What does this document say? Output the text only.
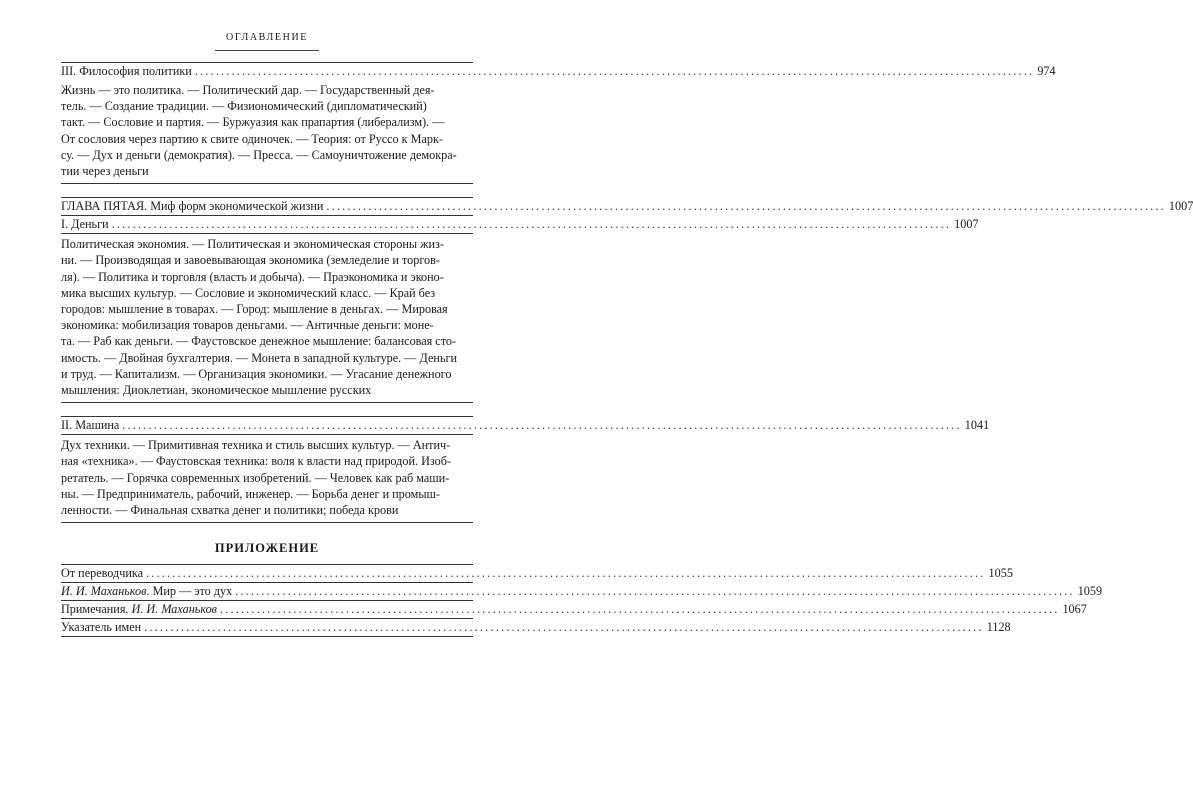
ОГЛАВЛЕНИЕ
III. Философия политики ................................................................................................................................................................ 974
Жизнь — это политика. — Политический дар. — Государственный дея-
тель. — Создание традиции. — Физиономический (дипломатический)
такт. — Сословие и партия. — Буржуазия как прапартия (либерализм). —
От сословия через партию к свите одиночек. — Теория: от Руссо к Марк-
су. — Дух и деньги (демократия). — Пресса. — Самоуничтожение демокра-
тии через деньги
ГЛАВА ПЯТАЯ. Миф форм экономической жизни ................................................................................................................................................................ 1007
I. Деньги ................................................................................................................................................................ 1007
Политическая экономия. — Политическая и экономическая стороны жиз-
ни. — Производящая и завоевывающая экономика (земледелие и торгов-
ля). — Политика и торговля (власть и добыча). — Праэкономика и эконо-
мика высших культур. — Сословие и экономический класс. — Край без
городов: мышление в товарах. — Город: мышление в деньгах. — Мировая
экономика: мобилизация товаров деньгами. — Античные деньги: моне-
та. — Раб как деньги. — Фаустовское денежное мышление: балансовая сто-
имость. — Двойная бухгалтерия. — Монета в западной культуре. — Деньги
и труд. — Капитализм. — Организация экономики. — Угасание денежного
мышления: Диоклетиан, экономическое мышление русских
II. Машина ................................................................................................................................................................ 1041
Дух техники. — Примитивная техника и стиль высших культур. — Антич-
ная «техника». — Фаустовская техника: воля к власти над природой. Изоб-
ретатель. — Горячка современных изобретений. — Человек как раб маши-
ны. — Предприниматель, рабочий, инженер. — Борьба денег и промыш-
ленности. — Финальная схватка денег и политики; победа крови
ПРИЛОЖЕНИЕ
От переводчика ................................................................................................................................................................ 1055
И. И. Маханьков. Мир — это дух ................................................................................................................................................................ 1059
Примечания. И. И. Маханьков ................................................................................................................................................................ 1067
Указатель имен ................................................................................................................................................................ 1128
